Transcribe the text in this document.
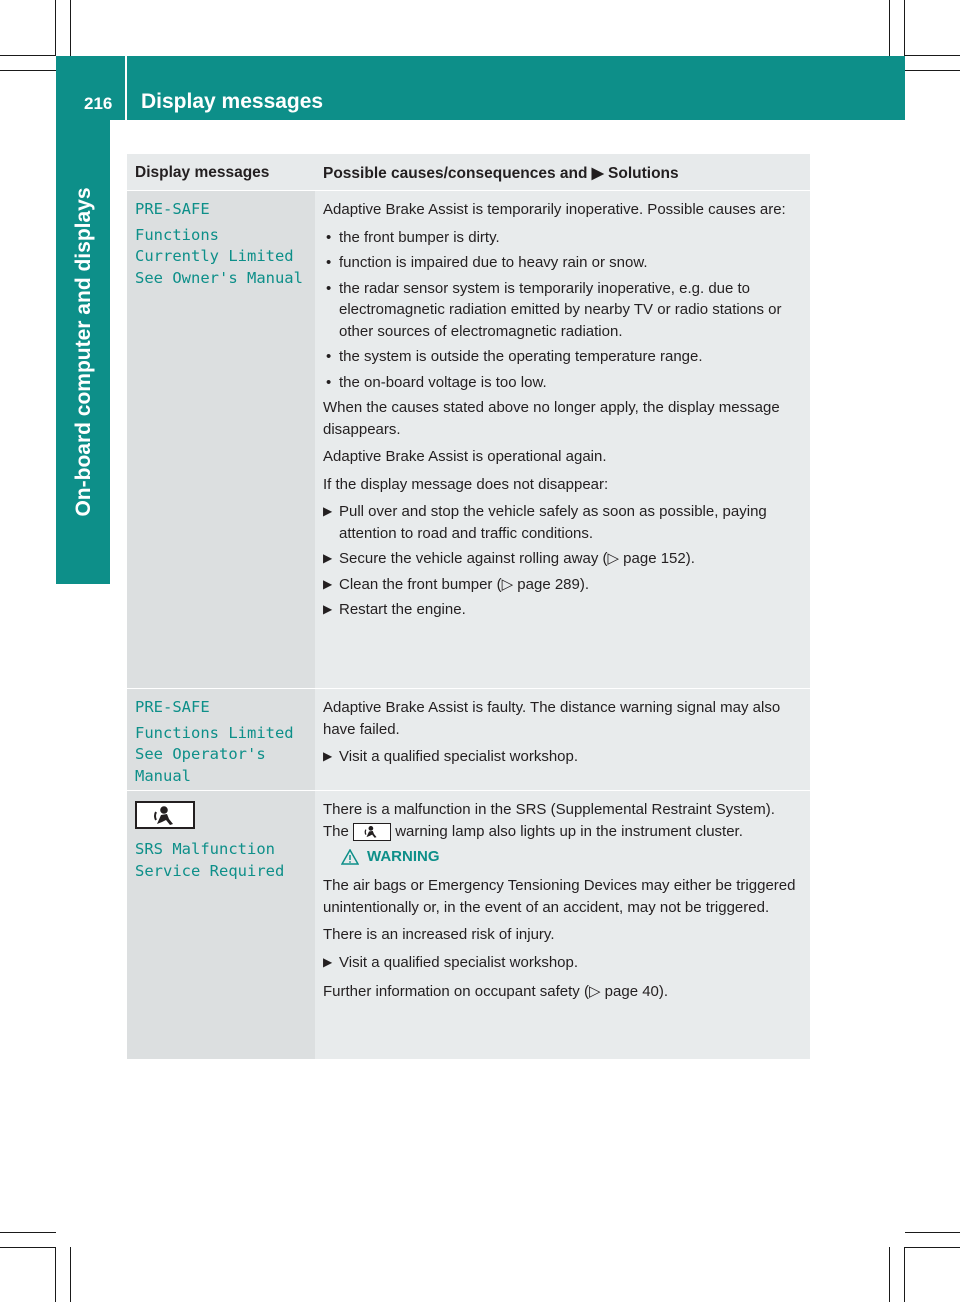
216 Display messages
On-board computer and displays
Display messages	Possible causes/consequences and ▶ Solutions
PRE-SAFE
Functions
Currently Limited
See Owner's Manual

Adaptive Brake Assist is temporarily inoperative. Possible causes are:

• the front bumper is dirty.
• function is impaired due to heavy rain or snow.
• the radar sensor system is temporarily inoperative, e.g. due to electromagnetic radiation emitted by nearby TV or radio stations or other sources of electromagnetic radiation.
• the system is outside the operating temperature range.
• the on-board voltage is too low.

When the causes stated above no longer apply, the display message disappears.

Adaptive Brake Assist is operational again.

If the display message does not disappear:

▶ Pull over and stop the vehicle safely as soon as possible, paying attention to road and traffic conditions.
▶ Secure the vehicle against rolling away (▷ page 152).
▶ Clean the front bumper (▷ page 289).
▶ Restart the engine.
PRE-SAFE
Functions Limited
See Operator's
Manual

Adaptive Brake Assist is faulty. The distance warning signal may also have failed.

▶ Visit a qualified specialist workshop.
SRS Malfunction
Service Required

There is a malfunction in the SRS (Supplemental Restraint System). The	warning lamp also lights up in the instrument cluster.

WARNING

The air bags or Emergency Tensioning Devices may either be triggered unintentionally or, in the event of an accident, may not be triggered.

There is an increased risk of injury.

▶ Visit a qualified specialist workshop.

Further information on occupant safety (▷ page 40).
